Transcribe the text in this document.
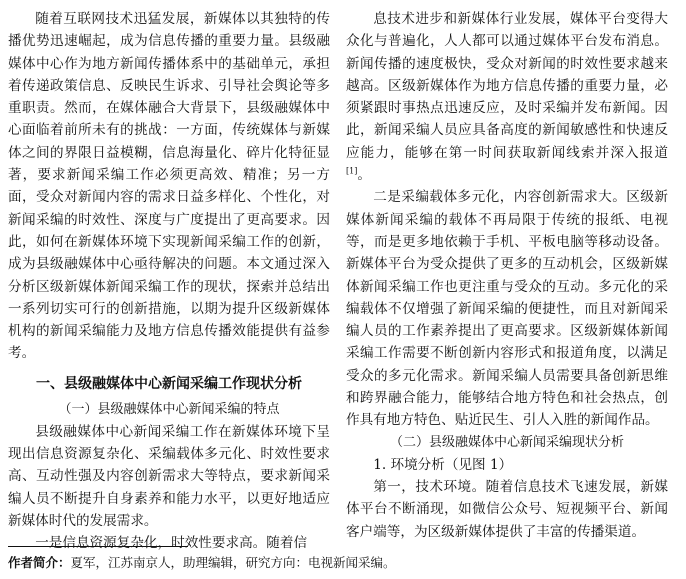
随着互联网技术迅猛发展，新媒体以其独特的传播优势迅速崛起，成为信息传播的重要力量。县级融媒体中心作为地方新闻传播体系中的基础单元，承担着传递政策信息、反映民生诉求、引导社会舆论等多重职责。然而，在媒体融合大背景下，县级融媒体中心面临着前所未有的挑战：一方面，传统媒体与新媒体之间的界限日益模糊，信息海量化、碎片化特征显著，要求新闻采编工作必须更高效、精准；另一方面，受众对新闻内容的需求日益多样化、个性化，对新闻采编的时效性、深度与广度提出了更高要求。因此，如何在新媒体环境下实现新闻采编工作的创新，成为县级融媒体中心亟待解决的问题。本文通过深入分析区级新媒体新闻采编工作的现状，探索并总结出一系列切实可行的创新措施，以期为提升区级新媒体机构的新闻采编能力及地方信息传播效能提供有益参考。

一、县级融媒体中心新闻采编工作现状分析

（一）县级融媒体中心新闻采编的特点

县级融媒体中心新闻采编工作在新媒体环境下呈现出信息资源复杂化、采编载体多元化、时效性要求高、互动性强及内容创新需求大等特点，要求新闻采编人员不断提升自身素养和能力水平，以更好地适应新媒体时代的发展需求。

一是信息资源复杂化，时效性要求高。随着信

息技术进步和新媒体行业发展，媒体平台变得大众化与普遍化，人人都可以通过媒体平台发布消息。新闻传播的速度极快，受众对新闻的时效性要求越来越高。区级新媒体作为地方信息传播的重要力量，必须紧跟时事热点迅速反应，及时采编并发布新闻。因此，新闻采编人员应具备高度的新闻敏感性和快速反应能力，能够在第一时间获取新闻线索并深入报道[1]。

二是采编载体多元化，内容创新需求大。区级新媒体新闻采编的载体不再局限于传统的报纸、电视等，而是更多地依赖于手机、平板电脑等移动设备。新媒体平台为受众提供了更多的互动机会，区级新媒体新闻采编工作也更注重与受众的互动。多元化的采编载体不仅增强了新闻采编的便捷性，而且对新闻采编人员的工作素养提出了更高要求。区级新媒体新闻采编工作需要不断创新内容形式和报道角度，以满足受众的多元化需求。新闻采编人员需要具备创新思维和跨界融合能力，能够结合地方特色和社会热点，创作具有地方特色、贴近民生、引人入胜的新闻作品。

（二）县级融媒体中心新闻采编现状分析

1. 环境分析（见图 1）

第一，技术环境。随着信息技术飞速发展，新媒体平台不断涌现，如微信公众号、短视频平台、新闻客户端等，为区级新媒体提供了丰富的传播渠道。

作者简介：夏军，江苏南京人，助理编辑，研究方向：电视新闻采编。
